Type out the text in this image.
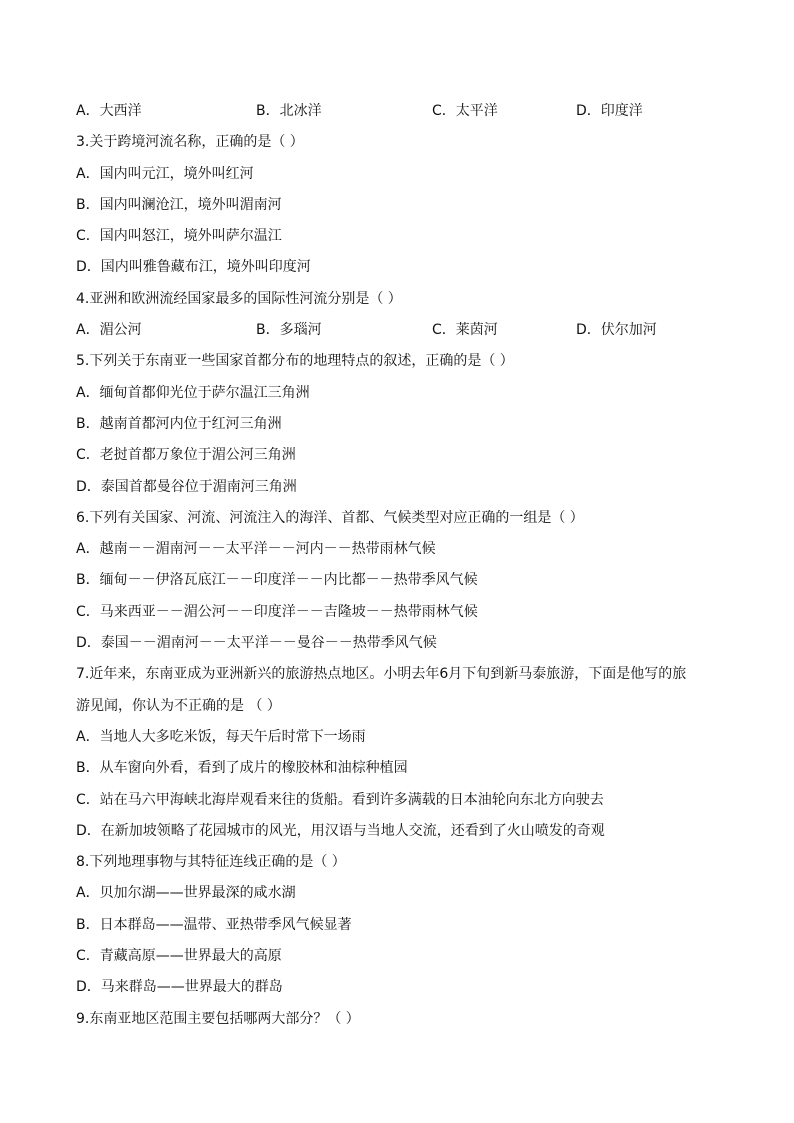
A．大西洋	B．北冰洋	C．太平洋	D．印度洋
3.关于跨境河流名称，正确的是（ ）
A．国内叫元江，境外叫红河
B．国内叫澜沧江，境外叫湄南河
C．国内叫怒江，境外叫萨尔温江
D．国内叫雅鲁藏布江，境外叫印度河
4.亚洲和欧洲流经国家最多的国际性河流分别是（ ）
A．湄公河	B．多瑙河	C．莱茵河	D．伏尔加河
5.下列关于东南亚一些国家首都分布的地理特点的叙述，正确的是（ ）
A．缅甸首都仰光位于萨尔温江三角洲
B．越南首都河内位于红河三角洲
C．老挝首都万象位于湄公河三角洲
D．泰国首都曼谷位于湄南河三角洲
6.下列有关国家、河流、河流注入的海洋、首都、气候类型对应正确的一组是（ ）
A．越南－－湄南河－－太平洋－－河内－－热带雨林气候
B．缅甸－－伊洛瓦底江－－印度洋－－内比都－－热带季风气候
C．马来西亚－－湄公河－－印度洋－－吉隆坡－－热带雨林气候
D．泰国－－湄南河－－太平洋－－曼谷－－热带季风气候
7.近年来，东南亚成为亚洲新兴的旅游热点地区。小明去年6月下旬到新马泰旅游，下面是他写的旅
游见闻，你认为不正确的是 （ ）
A．当地人大多吃米饭，每天午后时常下一场雨
B．从车窗向外看，看到了成片的橡胶林和油棕种植园
C．站在马六甲海峡北海岸观看来往的货船。看到许多满载的日本油轮向东北方向驶去
D．在新加坡领略了花园城市的风光，用汉语与当地人交流，还看到了火山喷发的奇观
8.下列地理事物与其特征连线正确的是（ ）
A．贝加尔湖——世界最深的咸水湖
B．日本群岛——温带、亚热带季风气候显著
C．青藏高原——世界最大的高原
D．马来群岛——世界最大的群岛
9.东南亚地区范围主要包括哪两大部分？（ ）
